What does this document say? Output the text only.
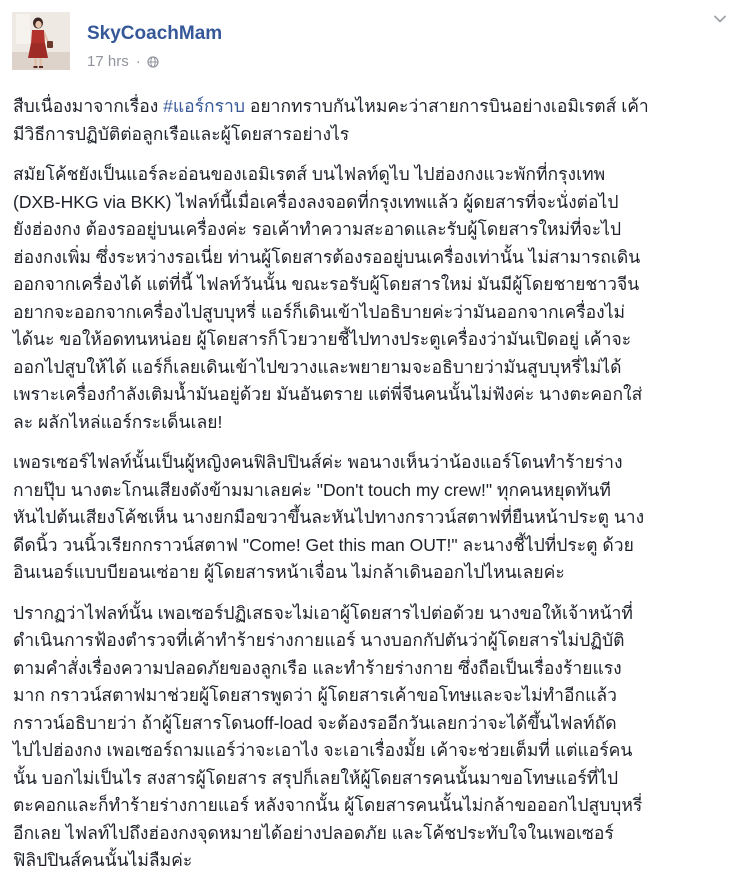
SkyCoachMam
17 hrs ·
สืบเนื่องมาจากเรื่อง #แอร์กราบ อยากทราบกันไหมคะว่าสายการบินอย่างเอมิเรตส์ เค้า
มีวิธีการปฏิบัติต่อลูกเรือและผู้โดยสารอย่างไร
สมัยโค้ชยังเป็นแอร์ละอ่อนของเอมิเรตส์ บนไฟลท์ดูไบ ไปฮ่องกงแวะพักที่กรุงเทพ
(DXB-HKG via BKK) ไฟลท์นี้เมื่อเครื่องลงจอดที่กรุงเทพแล้ว ผู้ดยสารที่จะนั่งต่อไป
ยังฮ่องกง ต้องรออยู่บนเครื่องค่ะ รอเค้าทำความสะอาดและรับผู้โดยสารใหม่ที่จะไป
ฮ่องกงเพิ่ม ซึ่งระหว่างรอเนี่ย ท่านผู้โดยสารต้องรออยู่บนเครื่องเท่านั้น ไม่สามารถเดิน
ออกจากเครื่องได้ แต่ที่นี้ ไฟลท์วันนั้น ขณะรอรับผู้โดยสารใหม่ มันมีผู้โดยชายชาวจีน
อยากจะออกจากเครื่องไปสูบบุหรี่ แอร์ก็เดินเข้าไปอธิบายค่ะว่ามันออกจากเครื่องไม่
ได้นะ ขอให้อดทนหน่อย ผู้โดยสารก็โวยวายชี้ไปทางประตูเครื่องว่ามันเปิดอยู่ เค้าจะ
ออกไปสูบให้ได้ แอร์ก็เลยเดินเข้าไปขวางและพยายามจะอธิบายว่ามันสูบบุหรี่ไม่ได้
เพราะเครื่องกำลังเติมน้ำมันอยู่ด้วย มันอันตราย แต่พี่จีนคนนั้นไม่ฟังค่ะ นางตะคอกใส่
ละ ผลักไหล่แอร์กระเด็นเลย!
เพอรเซอร์ไฟลท์นั้นเป็นผู้หญิงคนฟิลิปปินส์ค่ะ พอนางเห็นว่าน้องแอร์โดนทำร้ายร่าง
กายปุ๊บ นางตะโกนเสียงดังข้ามมาเลยค่ะ "Don't touch my crew!" ทุกคนหยุดทันที
หันไปต้นเสียงโค้ชเห็น นางยกมือขวาขึ้นละหันไปทางกราวน์สตาฟที่ยืนหน้าประตู นาง
ดีดนิ้ว วนนิ้วเรียกกราวน์สตาฟ "Come! Get this man OUT!" ละนางชี้ไปที่ประตู ด้วย
อินเนอร์แบบบียอนเซ่อาย ผู้โดยสารหน้าเจื่อน ไม่กล้าเดินออกไปไหนเลยค่ะ
ปรากฏว่าไฟลท์นั้น เพอเซอร์ปฏิเสธจะไม่เอาผู้โดยสารไปต่อด้วย นางขอให้เจ้าหน้าที่
ดำเนินการฟ้องตำรวจที่เค้าทำร้ายร่างกายแอร์ นางบอกกัปตันว่าผู้โดยสารไม่ปฏิบัติ
ตามคำสั่งเรื่องความปลอดภัยของลูกเรือ และทำร้ายร่างกาย ซึ่งถือเป็นเรื่องร้ายแรง
มาก กราวน์สตาฟมาช่วยผู้โดยสารพูดว่า ผู้โดยสารเค้าขอโทษและจะไม่ทำอีกแล้ว
กราวน์อธิบายว่า ถ้าผู้โยสารโดนoff-load จะต้องรออีกวันเลยกว่าจะได้ขึ้นไฟลท์ถัด
ไปไปฮ่องกง เพอเซอร์ถามแอร์ว่าจะเอาไง จะเอาเรื่องมั้ย เค้าจะช่วยเต็มที่ แต่แอร์คน
นั้น บอกไม่เป็นไร สงสารผู้โดยสาร สรุปก็เลยให้ผู้โดยสารคนนั้นมาขอโทษแอร์ที่ไป
ตะคอกและก็ทำร้ายร่างกายแอร์ หลังจากนั้น ผู้โดยสารคนนั้นไม่กล้าขอออกไปสูบบุหรี่
อีกเลย ไฟลท์ไปถึงฮ่องกงจุดหมายได้อย่างปลอดภัย และโค้ชประทับใจในเพอเซอร์
ฟิลิปปินส์คนนั้นไม่ลืมค่ะ
